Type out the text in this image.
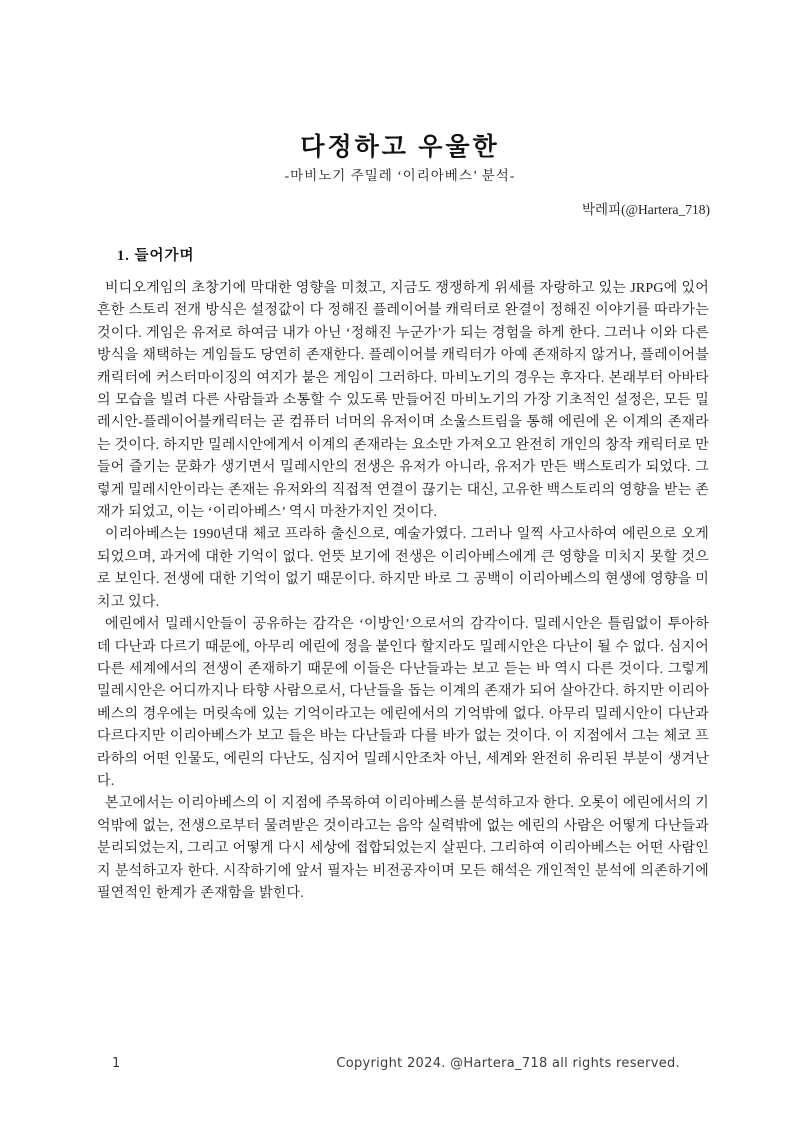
다정하고 우울한
-마비노기 주밀레 ‘이리아베스’ 분석-
박레피(@Hartera_718)
1. 들어가며

비디오게임의 초창기에 막대한 영향을 미쳤고, 지금도 쟁쟁하게 위세를 자랑하고 있는 JRPG에 있어 흔한 스토리 전개 방식은 설정값이 다 정해진 플레이어블 캐릭터로 완결이 정해진 이야기를 따라가는 것이다. 게임은 유저로 하여금 내가 아닌 ‘정해진 누군가’가 되는 경험을 하게 한다. 그러나 이와 다른 방식을 채택하는 게임들도 당연히 존재한다. 플레이어블 캐릭터가 아예 존재하지 않거나, 플레이어블 캐릭터에 커스터마이징의 여지가 붙은 게임이 그러하다. 마비노기의 경우는 후자다. 본래부터 아바타의 모습을 빌려 다른 사람들과 소통할 수 있도록 만들어진 마비노기의 가장 기초적인 설정은, 모든 밀레시안-플레이어블캐릭터는 곧 컴퓨터 너머의 유저이며 소울스트림을 통해 에린에 온 이계의 존재라는 것이다. 하지만 밀레시안에게서 이계의 존재라는 요소만 가져오고 완전히 개인의 창작 캐릭터로 만들어 즐기는 문화가 생기면서 밀레시안의 전생은 유저가 아니라, 유저가 만든 백스토리가 되었다. 그렇게 밀레시안이라는 존재는 유저와의 직접적 연결이 끊기는 대신, 고유한 백스토리의 영향을 받는 존재가 되었고, 이는 ‘이리아베스’ 역시 마찬가지인 것이다.

이리아베스는 1990년대 체코 프라하 출신으로, 예술가였다. 그러나 일찍 사고사하여 에린으로 오게 되었으며, 과거에 대한 기억이 없다. 언뜻 보기에 전생은 이리아베스에게 큰 영향을 미치지 못할 것으로 보인다. 전생에 대한 기억이 없기 때문이다. 하지만 바로 그 공백이 이리아베스의 현생에 영향을 미치고 있다.

에린에서 밀레시안들이 공유하는 감각은 ‘이방인’으로서의 감각이다. 밀레시안은 틀림없이 투아하 데 다난과 다르기 때문에, 아무리 에린에 정을 붙인다 할지라도 밀레시안은 다난이 될 수 없다. 심지어 다른 세계에서의 전생이 존재하기 때문에 이들은 다난들과는 보고 듣는 바 역시 다른 것이다. 그렇게 밀레시안은 어디까지나 타향 사람으로서, 다난들을 돕는 이계의 존재가 되어 살아간다. 하지만 이리아베스의 경우에는 머릿속에 있는 기억이라고는 에린에서의 기억밖에 없다. 아무리 밀레시안이 다난과 다르다지만 이리아베스가 보고 들은 바는 다난들과 다를 바가 없는 것이다. 이 지점에서 그는 체코 프라하의 어떤 인물도, 에린의 다난도, 심지어 밀레시안조차 아닌, 세계와 완전히 유리된 부분이 생겨난다.

본고에서는 이리아베스의 이 지점에 주목하여 이리아베스를 분석하고자 한다. 오롯이 에린에서의 기억밖에 없는, 전생으로부터 물려받은 것이라고는 음악 실력밖에 없는 에린의 사람은 어떻게 다난들과 분리되었는지, 그리고 어떻게 다시 세상에 접합되었는지 살핀다. 그리하여 이리아베스는 어떤 사람인지 분석하고자 한다. 시작하기에 앞서 필자는 비전공자이며 모든 해석은 개인적인 분석에 의존하기에 필연적인 한계가 존재함을 밝힌다.

1	Copyright 2024. @Hartera_718 all rights reserved.
